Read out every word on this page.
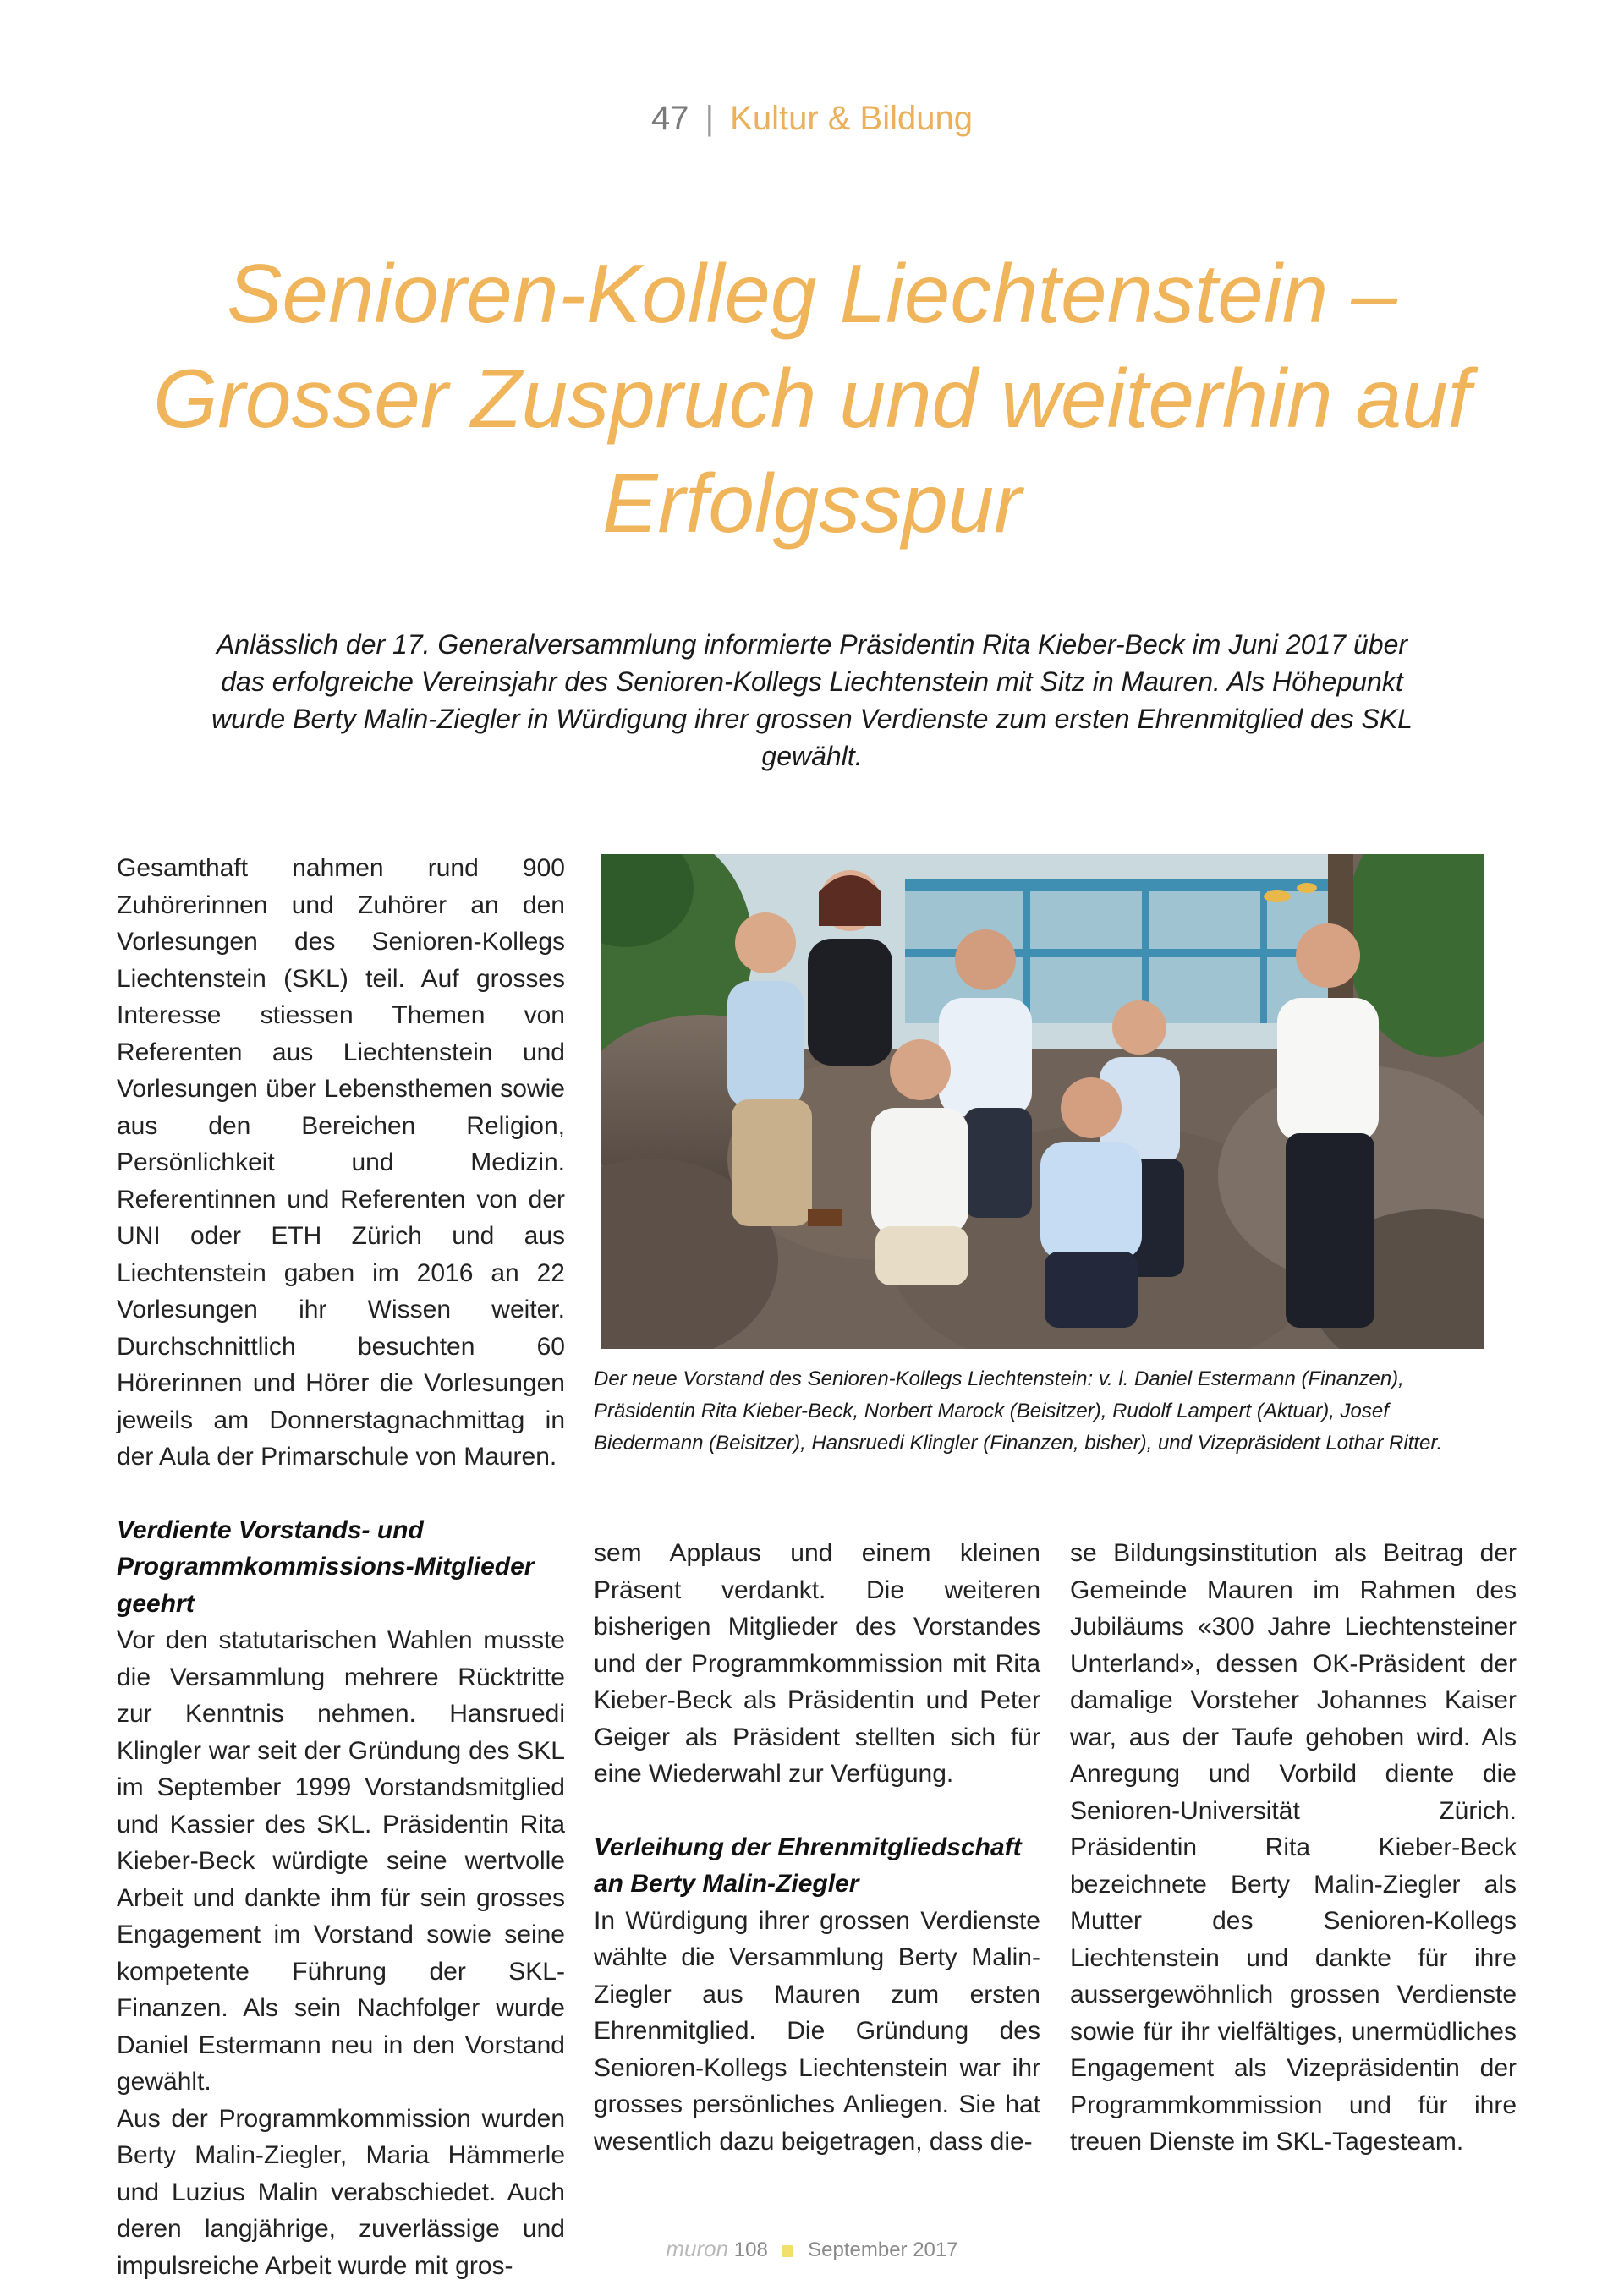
47 | Kultur & Bildung
Senioren-Kolleg Liechtenstein –
Grosser Zuspruch und weiterhin auf
Erfolgsspur

Anlässlich der 17. Generalversammlung informierte Präsidentin Rita Kieber-Beck im Juni 2017 über das erfolgreiche Vereinsjahr des Senioren-Kollegs Liechtenstein mit Sitz in Mauren. Als Höhepunkt wurde Berty Malin-Ziegler in Würdigung ihrer grossen Verdienste zum ersten Ehrenmitglied des SKL gewählt.

Gesamthaft nahmen rund 900 Zuhörerinnen und Zuhörer an den Vorlesungen des Senioren-Kollegs Liechtenstein (SKL) teil. Auf grosses Interesse stiessen Themen von Referenten aus Liechtenstein und Vorlesungen über Lebensthemen sowie aus den Bereichen Religion, Persönlichkeit und Medizin. Referentinnen und Referenten von der UNI oder ETH Zürich und aus Liechtenstein gaben im 2016 an 22 Vorlesungen ihr Wissen weiter. Durchschnittlich besuchten 60 Hörerinnen und Hörer die Vorlesungen jeweils am Donnerstagnachmittag in der Aula der Primarschule von Mauren.

Verdiente Vorstands- und Programmkommissions-Mitglieder geehrt

Vor den statutarischen Wahlen musste die Versammlung mehrere Rücktritte zur Kenntnis nehmen. Hansruedi Klingler war seit der Gründung des SKL im September 1999 Vorstandsmitglied und Kassier des SKL. Präsidentin Rita Kieber-Beck würdigte seine wertvolle Arbeit und dankte ihm für sein grosses Engagement im Vorstand sowie seine kompetente Führung der SKL-Finanzen. Als sein Nachfolger wurde Daniel Estermann neu in den Vorstand gewählt.

Aus der Programmkommission wurden Berty Malin-Ziegler, Maria Hämmerle und Luzius Malin verabschiedet. Auch deren langjährige, zuverlässige und impulsreiche Arbeit wurde mit gros-

Der neue Vorstand des Senioren-Kollegs Liechtenstein: v. l. Daniel Estermann (Finanzen), Präsidentin Rita Kieber-Beck, Norbert Marock (Beisitzer), Rudolf Lampert (Aktuar), Josef Biedermann (Beisitzer), Hansruedi Klingler (Finanzen, bisher), und Vizepräsident Lothar Ritter.

sem Applaus und einem kleinen Präsent verdankt. Die weiteren bisherigen Mitglieder des Vorstandes und der Programmkommission mit Rita Kieber-Beck als Präsidentin und Peter Geiger als Präsident stellten sich für eine Wiederwahl zur Verfügung.

Verleihung der Ehrenmitgliedschaft an Berty Malin-Ziegler

In Würdigung ihrer grossen Verdienste wählte die Versammlung Berty Malin-Ziegler aus Mauren zum ersten Ehrenmitglied. Die Gründung des Senioren-Kollegs Liechtenstein war ihr grosses persönliches Anliegen. Sie hat wesentlich dazu beigetragen, dass die-

se Bildungsinstitution als Beitrag der Gemeinde Mauren im Rahmen des Jubiläums «300 Jahre Liechtensteiner Unterland», dessen OK-Präsident der damalige Vorsteher Johannes Kaiser war, aus der Taufe gehoben wird. Als Anregung und Vorbild diente die Senioren-Universität Zürich. Präsidentin Rita Kieber-Beck bezeichnete Berty Malin-Ziegler als Mutter des Senioren-Kollegs Liechtenstein und dankte für ihre aussergewöhnlich grossen Verdienste sowie für ihr vielfältiges, unermüdliches Engagement als Vizepräsidentin der Programmkommission und für ihre treuen Dienste im SKL-Tagesteam.

muron 108 September 2017
